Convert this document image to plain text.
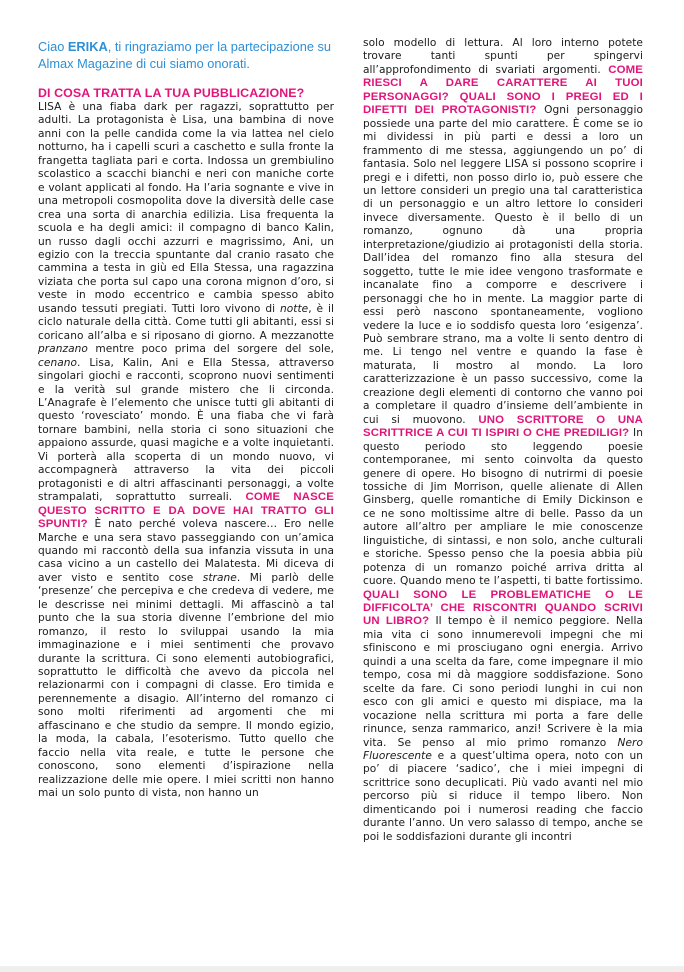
Ciao ERIKA, ti ringraziamo per la partecipazione su Almax Magazine di cui siamo onorati.

DI COSA TRATTA LA TUA PUBBLICAZIONE?

LISA è una fiaba dark per ragazzi, soprattutto per adulti. La protagonista è Lisa, una bambina di nove anni con la pelle candida come la via lattea nel cielo notturno, ha i capelli scuri a caschetto e sulla fronte la frangetta tagliata pari e corta. Indossa un grembiulino scolastico a scacchi bianchi e neri con maniche corte e volant applicati al fondo. Ha l’aria sognante e vive in una metropoli cosmopolita dove la diversità delle case crea una sorta di anarchia edilizia. Lisa frequenta la scuola e ha degli amici: il compagno di banco Kalin, un russo dagli occhi azzurri e magrissimo, Ani, un egizio con la treccia spuntante dal cranio rasato che cammina a testa in giù ed Ella Stessa, una ragazzina viziata che porta sul capo una corona mignon d’oro, si veste in modo eccentrico e cambia spesso abito usando tessuti pregiati. Tutti loro vivono di notte, è il ciclo naturale della città. Come tutti gli abitanti, essi si coricano all’alba e si riposano di giorno. A mezzanotte pranzano mentre poco prima del sorgere del sole, cenano. Lisa, Kalin, Ani e Ella Stessa, attraverso singolari giochi e racconti, scoprono nuovi sentimenti e la verità sul grande mistero che li circonda. L’Anagrafe è l’elemento che unisce tutti gli abitanti di questo ‘rovesciato’ mondo. È una fiaba che vi farà tornare bambini, nella storia ci sono situazioni che appaiono assurde, quasi magiche e a volte inquietanti. Vi porterà alla scoperta di un mondo nuovo, vi accompagnerà attraverso la vita dei piccoli protagonisti e di altri affascinanti personaggi, a volte strampalati, soprattutto surreali. COME NASCE QUESTO SCRITTO E DA DOVE HAI TRATTO GLI SPUNTI? È nato perché voleva nascere… Ero nelle Marche e una sera stavo passeggiando con un’amica quando mi raccontò della sua infanzia vissuta in una casa vicino a un castello dei Malatesta. Mi diceva di aver visto e sentito cose strane. Mi parlò delle ‘presenze’ che percepiva e che credeva di vedere, me le descrisse nei minimi dettagli. Mi affascinò a tal punto che la sua storia divenne l’embrione del mio romanzo, il resto lo sviluppai usando la mia immaginazione e i miei sentimenti che provavo durante la scrittura. Ci sono elementi autobiografici, soprattutto le difficoltà che avevo da piccola nel relazionarmi con i compagni di classe. Ero timida e perennemente a disagio. All’interno del romanzo ci sono molti riferimenti ad argomenti che mi affascinano e che studio da sempre. Il mondo egizio, la moda, la cabala, l’esoterismo. Tutto quello che faccio nella vita reale, e tutte le persone che conoscono, sono elementi d’ispirazione nella realizzazione delle mie opere. I miei scritti non hanno mai un solo punto di vista, non hanno un

solo modello di lettura. Al loro interno potete trovare tanti spunti per spingervi all’approfondimento di svariati argomenti. COME RIESCI A DARE CARATTERE AI TUOI PERSONAGGI? QUALI SONO I PREGI ED I DIFETTI DEI PROTAGONISTI? Ogni personaggio possiede una parte del mio carattere. È come se io mi dividessi in più parti e dessi a loro un frammento di me stessa, aggiungendo un po’ di fantasia. Solo nel leggere LISA si possono scoprire i pregi e i difetti, non posso dirlo io, può essere che un lettore consideri un pregio una tal caratteristica di un personaggio e un altro lettore lo consideri invece diversamente. Questo è il bello di un romanzo, ognuno dà una propria interpretazione/giudizio ai protagonisti della storia. Dall’idea del romanzo fino alla stesura del soggetto, tutte le mie idee vengono trasformate e incanalate fino a comporre e descrivere i personaggi che ho in mente. La maggior parte di essi però nascono spontaneamente, vogliono vedere la luce e io soddisfo questa loro ‘esigenza’. Può sembrare strano, ma a volte li sento dentro di me. Li tengo nel ventre e quando la fase è maturata, li mostro al mondo. La loro caratterizzazione è un passo successivo, come la creazione degli elementi di contorno che vanno poi a completare il quadro d’insieme dell’ambiente in cui si muovono. UNO SCRITTORE O UNA SCRITTRICE A CUI TI ISPIRI O CHE PREDILIGI? In questo periodo sto leggendo poesie contemporanee, mi sento coinvolta da questo genere di opere. Ho bisogno di nutrirmi di poesie tossiche di Jim Morrison, quelle alienate di Allen Ginsberg, quelle romantiche di Emily Dickinson e ce ne sono moltissime altre di belle. Passo da un autore all’altro per ampliare le mie conoscenze linguistiche, di sintassi, e non solo, anche culturali e storiche. Spesso penso che la poesia abbia più potenza di un romanzo poiché arriva dritta al cuore. Quando meno te l’aspetti, ti batte fortissimo. QUALI SONO LE PROBLEMATICHE O LE DIFFICOLTA’ CHE RISCONTRI QUANDO SCRIVI UN LIBRO? Il tempo è il nemico peggiore. Nella mia vita ci sono innumerevoli impegni che mi sfiniscono e mi prosciugano ogni energia. Arrivo quindi a una scelta da fare, come impegnare il mio tempo, cosa mi dà maggiore soddisfazione. Sono scelte da fare. Ci sono periodi lunghi in cui non esco con gli amici e questo mi dispiace, ma la vocazione nella scrittura mi porta a fare delle rinunce, senza rammarico, anzi! Scrivere è la mia vita. Se penso al mio primo romanzo Nero Fluorescente e a quest’ultima opera, noto con un po’ di piacere ‘sadico’, che i miei impegni di scrittrice sono decuplicati. Più vado avanti nel mio percorso più si riduce il tempo libero. Non dimenticando poi i numerosi reading che faccio durante l’anno. Un vero salasso di tempo, anche se poi le soddisfazioni durante gli incontri
